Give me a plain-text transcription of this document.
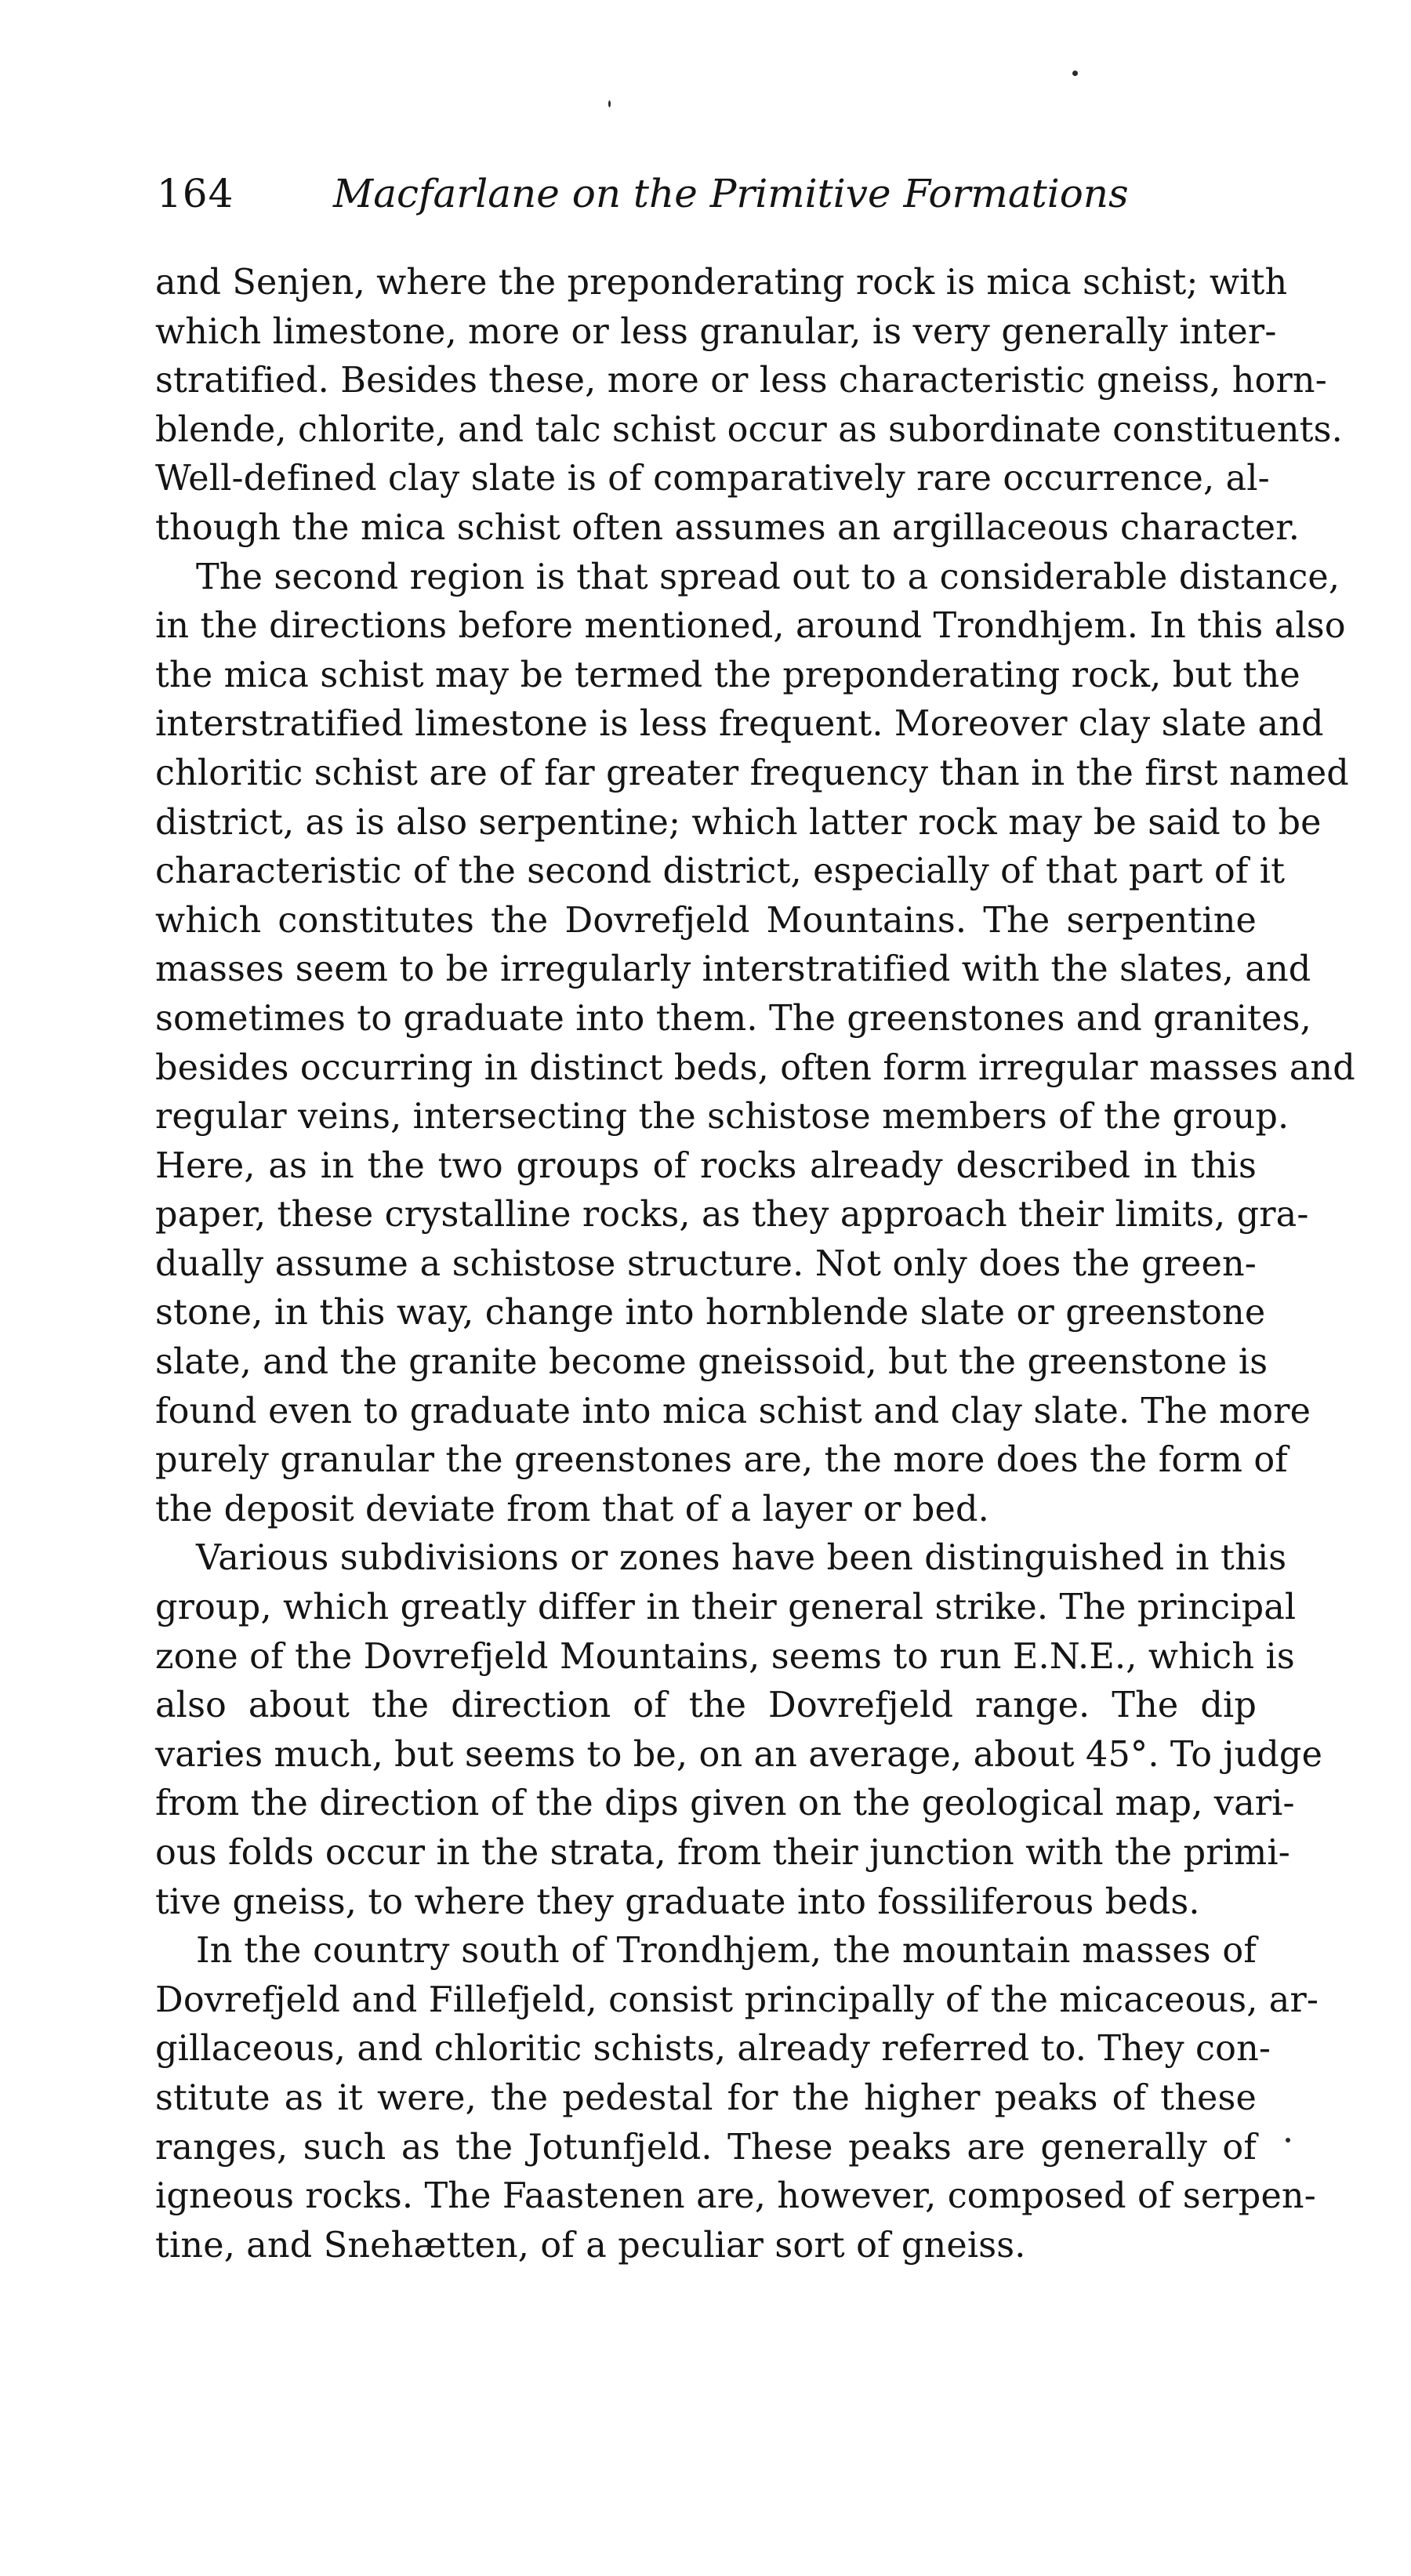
164	Macfarlane on the Primitive Formations
and Senjen, where the preponderating rock is mica schist; with
which limestone, more or less granular, is very generally inter-
stratified. Besides these, more or less characteristic gneiss, horn-
blende, chlorite, and talc schist occur as subordinate constituents.
Well-defined clay slate is of comparatively rare occurrence, al-
though the mica schist often assumes an argillaceous character.
The second region is that spread out to a considerable distance,
in the directions before mentioned, around Trondhjem. In this also
the mica schist may be termed the preponderating rock, but the
interstratified limestone is less frequent. Moreover clay slate and
chloritic schist are of far greater frequency than in the first named
district, as is also serpentine; which latter rock may be said to be
characteristic of the second district, especially of that part of it
which constitutes the Dovrefjeld Mountains. The serpentine
masses seem to be irregularly interstratified with the slates, and
sometimes to graduate into them. The greenstones and granites,
besides occurring in distinct beds, often form irregular masses and
regular veins, intersecting the schistose members of the group.
Here, as in the two groups of rocks already described in this
paper, these crystalline rocks, as they approach their limits, gra-
dually assume a schistose structure. Not only does the green-
stone, in this way, change into hornblende slate or greenstone
slate, and the granite become gneissoid, but the greenstone is
found even to graduate into mica schist and clay slate. The more
purely granular the greenstones are, the more does the form of
the deposit deviate from that of a layer or bed.
Various subdivisions or zones have been distinguished in this
group, which greatly differ in their general strike. The principal
zone of the Dovrefjeld Mountains, seems to run E.N.E., which is
also about the direction of the Dovrefjeld range. The dip
varies much, but seems to be, on an average, about 45°. To judge
from the direction of the dips given on the geological map, vari-
ous folds occur in the strata, from their junction with the primi-
tive gneiss, to where they graduate into fossiliferous beds.
In the country south of Trondhjem, the mountain masses of
Dovrefjeld and Fillefjeld, consist principally of the micaceous, ar-
gillaceous, and chloritic schists, already referred to. They con-
stitute as it were, the pedestal for the higher peaks of these
ranges, such as the Jotunfjeld. These peaks are generally of
igneous rocks. The Faastenen are, however, composed of serpen-
tine, and Snehætten, of a peculiar sort of gneiss.
